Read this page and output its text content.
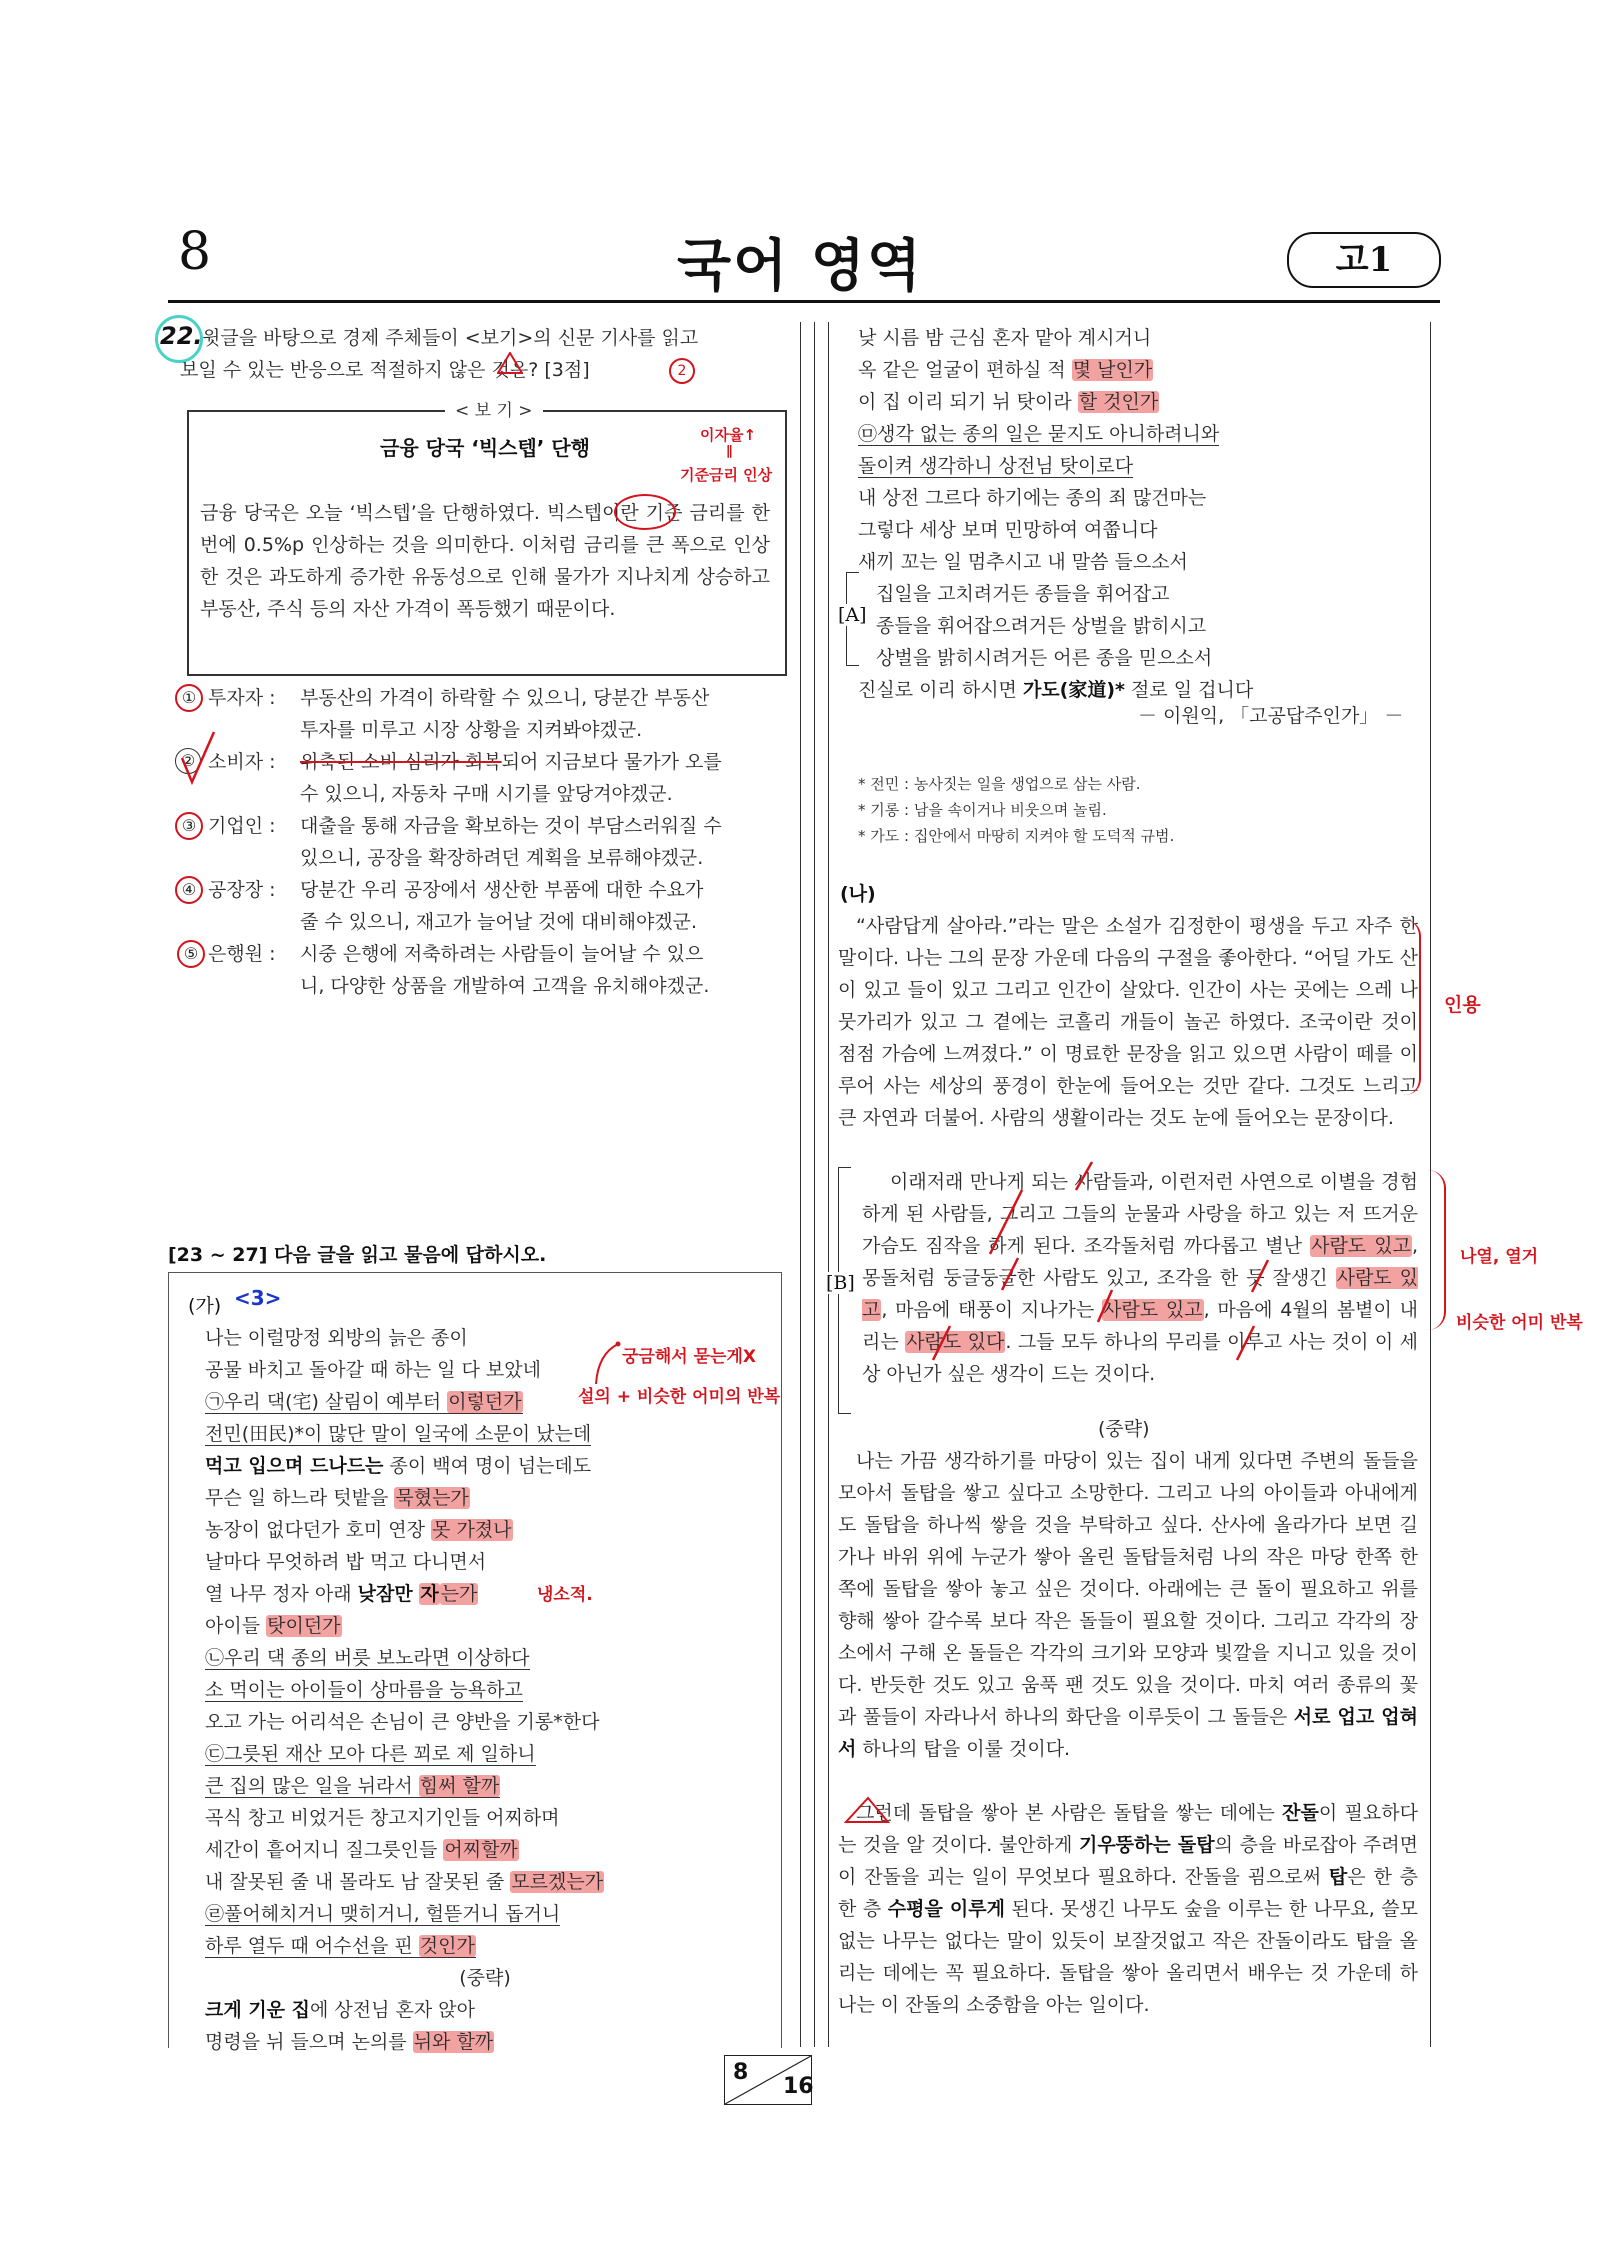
8	국어 영역	고1
22. 윗글을 바탕으로 경제 주체들이 <보기>의 신문 기사를 읽고
보일 수 있는 반응으로 적절하지 않은 것은? [3점]	2
< 보 기 >
금융 당국 ‘빅스텝’ 단행
금융 당국은 오늘 ‘빅스텝’을 단행하였다. 빅스텝이란 기준 금리를 한 번에 0.5%p 인상하는 것을 의미한다. 이처럼 금리를 큰 폭으로 인상한 것은 과도하게 증가한 유동성으로 인해 물가가 지나치게 상승하고 부동산, 주식 등의 자산 가격이 폭등했기 때문이다.
이자율↑
∥
기준금리 인상
① 투자자 : 부동산의 가격이 하락할 수 있으니, 당분간 부동산
투자를 미루고 시장 상황을 지켜봐야겠군.
② 소비자 : 위축된 소비 심리가 회복되어 지금보다 물가가 오를
수 있으니, 자동차 구매 시기를 앞당겨야겠군.
③ 기업인 : 대출을 통해 자금을 확보하는 것이 부담스러워질 수
있으니, 공장을 확장하려던 계획을 보류해야겠군.
④ 공장장 : 당분간 우리 공장에서 생산한 부품에 대한 수요가
줄 수 있으니, 재고가 늘어날 것에 대비해야겠군.
⑤ 은행원 : 시중 은행에 저축하려는 사람들이 늘어날 수 있으
니, 다양한 상품을 개발하여 고객을 유치해야겠군.
[23 ~ 27] 다음 글을 읽고 물음에 답하시오.
(가) <3>
나는 이럴망정 외방의 늙은 종이
공물 바치고 돌아갈 때 하는 일 다 보았네
㉠우리 댁(宅) 살림이 예부터 이렇던가
전민(田民)*이 많단 말이 일국에 소문이 났는데
먹고 입으며 드나드는 종이 백여 명이 넘는데도
무슨 일 하느라 텃밭을 묵혔는가
농장이 없다던가 호미 연장 못 가졌나
날마다 무엇하려 밥 먹고 다니면서
열 나무 정자 아래 낮잠만 자 는가
아이들 탓이던가
㉡우리 댁 종의 버릇 보노라면 이상하다
소 먹이는 아이들이 상마름을 능욕하고
오고 가는 어리석은 손님이 큰 양반을 기롱*한다
㉢그릇된 재산 모아 다른 꾀로 제 일하니
큰 집의 많은 일을 뉘라서 힘써 할까
곡식 창고 비었거든 창고지기인들 어찌하며
세간이 흩어지니 질그릇인들 어찌할까
내 잘못된 줄 내 몰라도 남 잘못된 줄 모르겠는가
㉣풀어헤치거니 맺히거니, 헐뜯거니 돕거니
하루 열두 때 어수선을 핀 것인가
(중략)
크게 기운 집에 상전님 혼자 앉아
명령을 뉘 들으며 논의를 뉘와 할까
궁금해서 묻는게X
설의 + 비슷한 어미의 반복
냉소적.
낮 시름 밤 근심 혼자 맡아 계시거니
옥 같은 얼굴이 편하실 적 몇 날인가
이 집 이리 되기 뉘 탓이라 할 것인가
㉤생각 없는 종의 일은 묻지도 아니하려니와
돌이켜 생각하니 상전님 탓이로다
내 상전 그르다 하기에는 종의 죄 많건마는
그렇다 세상 보며 민망하여 여쭙니다
새끼 꼬는 일 멈추시고 내 말씀 들으소서
집일을 고치려거든 종들을 휘어잡고
종들을 휘어잡으려거든 상벌을 밝히시고
상벌을 밝히시려거든 어른 종을 믿으소서
진실로 이리 하시면 가도(家道)* 절로 일 겁니다
[A]
－ 이원익, 「고공답주인가」 －
* 전민 : 농사짓는 일을 생업으로 삼는 사람.
* 기롱 : 남을 속이거나 비웃으며 놀림.
* 가도 : 집안에서 마땅히 지켜야 할 도덕적 규범.
(나)
“사람답게 살아라.”라는 말은 소설가 김정한이 평생을 두고 자주 한 말이다. 나는 그의 문장 가운데 다음의 구절을 좋아한다. “어딜 가도 산이 있고 들이 있고 그리고 인간이 살았다. 인간이 사는 곳에는 으레 나뭇가리가 있고 그 곁에는 코흘리 개들이 놀곤 하였다. 조국이란 것이 점점 가슴에 느껴졌다.” 이 명료한 문장을 읽고 있으면 사람이 떼를 이루어 사는 세상의 풍경이 한눈에 들어오는 것만 같다. 그것도 느리고 큰 자연과 더불어. 사람의 생활이라는 것도 눈에 들어오는 문장이다.
[B]
이래저래 만나게 되는 사람들과, 이런저런 사연으로 이별을 경험하게 된 사람들, 그리고 그들의 눈물과 사랑을 하고 있는 저 뜨거운 가슴도 짐작을 하게 된다. 조각돌처럼 까다롭고 별난 사람도 있고, 몽돌처럼 둥글둥글한 사람도 있고, 조각을 한 듯 잘생긴 사람도 있고, 마음에 태풍이 지나가는 사람도 있고, 마음에 4월의 봄볕이 내리는 사람도 있다. 그들 모두 하나의 무리를 이루고 사는 것이 이 세상 아닌가 싶은 생각이 드는 것이다.
(중략)
나는 가끔 생각하기를 마당이 있는 집이 내게 있다면 주변의 돌들을 모아서 돌탑을 쌓고 싶다고 소망한다. 그리고 나의 아이들과 아내에게도 돌탑을 하나씩 쌓을 것을 부탁하고 싶다. 산사에 올라가다 보면 길가나 바위 위에 누군가 쌓아 올린 돌탑들처럼 나의 작은 마당 한쪽 한쪽에 돌탑을 쌓아 놓고 싶은 것이다. 아래에는 큰 돌이 필요하고 위를 향해 쌓아 갈수록 보다 작은 돌들이 필요할 것이다. 그리고 각각의 장소에서 구해 온 돌들은 각각의 크기와 모양과 빛깔을 지니고 있을 것이다. 반듯한 것도 있고 움푹 팬 것도 있을 것이다. 마치 여러 종류의 꽃과 풀들이 자라나서 하나의 화단을 이루듯이 그 돌들은 서로 업고 업혀서 하나의 탑을 이룰 것이다.
그런데 돌탑을 쌓아 본 사람은 돌탑을 쌓는 데에는 잔돌이 필요하다는 것을 알 것이다. 불안하게 기우뚱하는 돌탑의 층을 바로잡아 주려면 이 잔돌을 괴는 일이 무엇보다 필요하다. 잔돌을 굄으로써 탑은 한 층 한 층 수평을 이루게 된다. 못생긴 나무도 숲을 이루는 한 나무요, 쓸모없는 나무는 없다는 말이 있듯이 보잘것없고 작은 잔돌이라도 탑을 올리는 데에는 꼭 필요하다. 돌탑을 쌓아 올리면서 배우는 것 가운데 하나는 이 잔돌의 소중함을 아는 일이다.
인용
나열, 열거
비슷한 어미 반복
8
16
